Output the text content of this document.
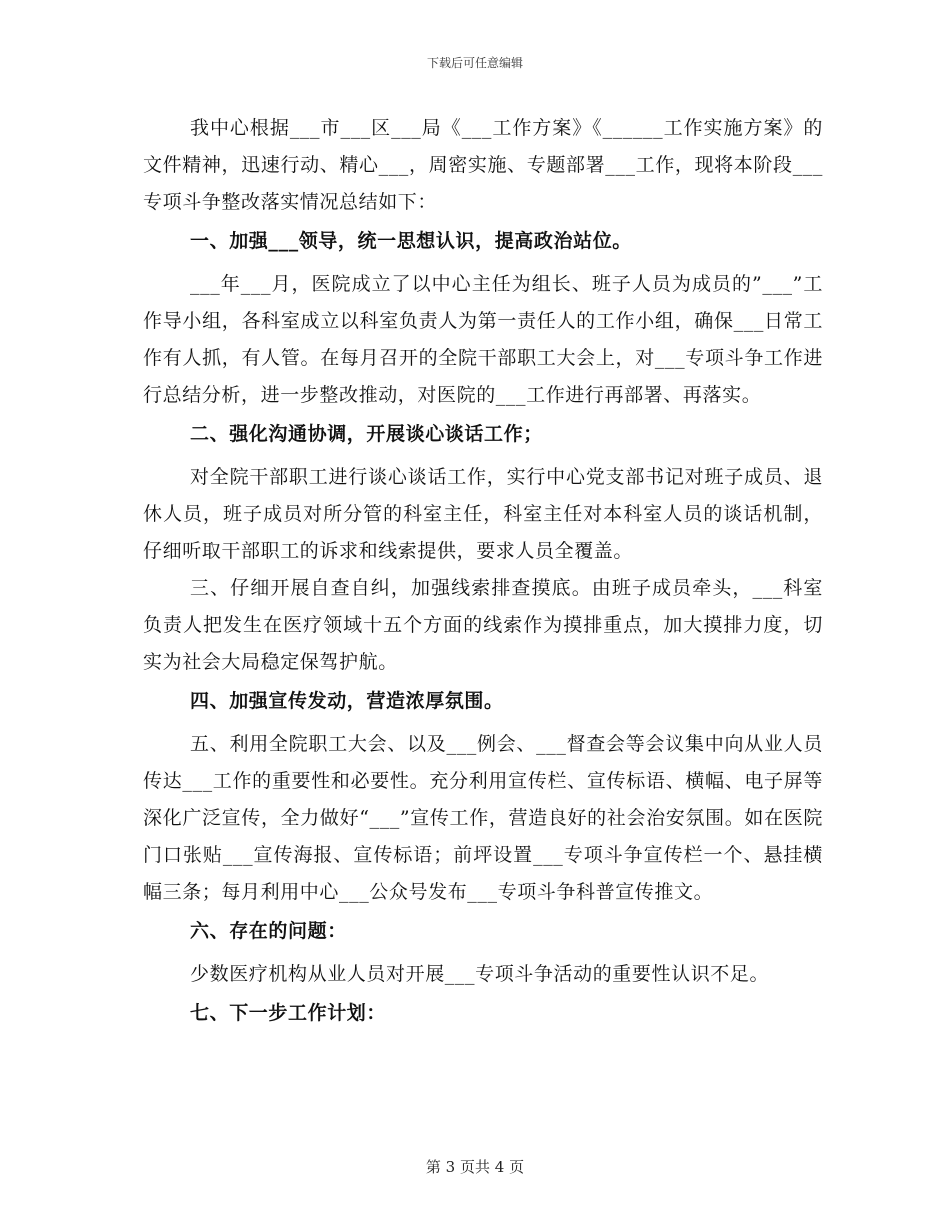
下载后可任意编辑

我中心根据___市___区___局《___工作方案》《______工作实施方案》的文件精神，迅速行动、精心___，周密实施、专题部署___工作，现将本阶段___专项斗争整改落实情况总结如下：

一、加强___领导，统一思想认识，提高政治站位。

___年___月，医院成立了以中心主任为组长、班子人员为成员的”___”工作导小组，各科室成立以科室负责人为第一责任人的工作小组，确保___日常工作有人抓，有人管。在每月召开的全院干部职工大会上，对___专项斗争工作进行总结分析，进一步整改推动，对医院的___工作进行再部署、再落实。

二、强化沟通协调，开展谈心谈话工作；

对全院干部职工进行谈心谈话工作，实行中心党支部书记对班子成员、退休人员，班子成员对所分管的科室主任，科室主任对本科室人员的谈话机制，仔细听取干部职工的诉求和线索提供，要求人员全覆盖。

三、仔细开展自查自纠，加强线索排查摸底。由班子成员牵头，___科室负责人把发生在医疗领域十五个方面的线索作为摸排重点，加大摸排力度，切实为社会大局稳定保驾护航。

四、加强宣传发动，营造浓厚氛围。

五、利用全院职工大会、以及___例会、___督查会等会议集中向从业人员传达___工作的重要性和必要性。充分利用宣传栏、宣传标语、横幅、电子屏等深化广泛宣传，全力做好“___”宣传工作，营造良好的社会治安氛围。如在医院门口张贴___宣传海报、宣传标语；前坪设置___专项斗争宣传栏一个、悬挂横幅三条；每月利用中心___公众号发布___专项斗争科普宣传推文。

六、存在的问题：

少数医疗机构从业人员对开展___专项斗争活动的重要性认识不足。

七、下一步工作计划：

第 3 页共 4 页
